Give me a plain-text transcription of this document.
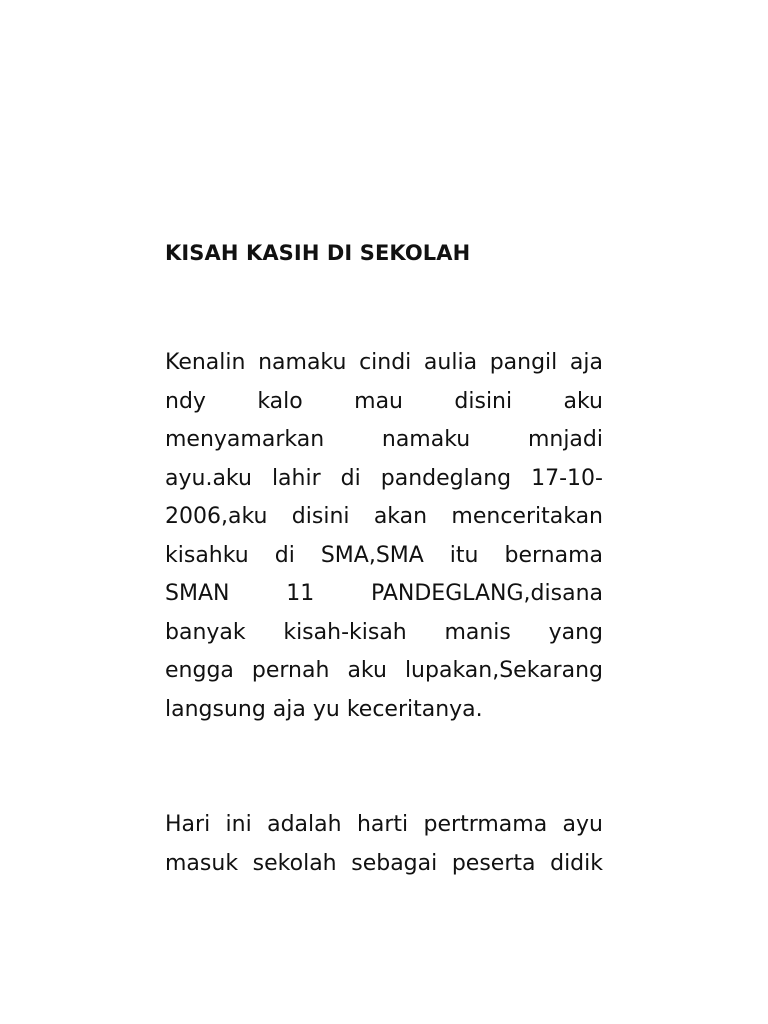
KISAH KASIH DI SEKOLAH
Kenalin namaku cindi aulia pangil aja
ndy kalo mau disini aku
menyamarkan namaku mnjadi
ayu.aku lahir di pandeglang 17-10-
2006,aku disini akan menceritakan
kisahku di SMA,SMA itu bernama
SMAN 11 PANDEGLANG,disana
banyak kisah-kisah manis yang
engga pernah aku lupakan,Sekarang
langsung aja yu keceritanya.
Hari ini adalah harti pertrmama ayu
masuk sekolah sebagai peserta didik
